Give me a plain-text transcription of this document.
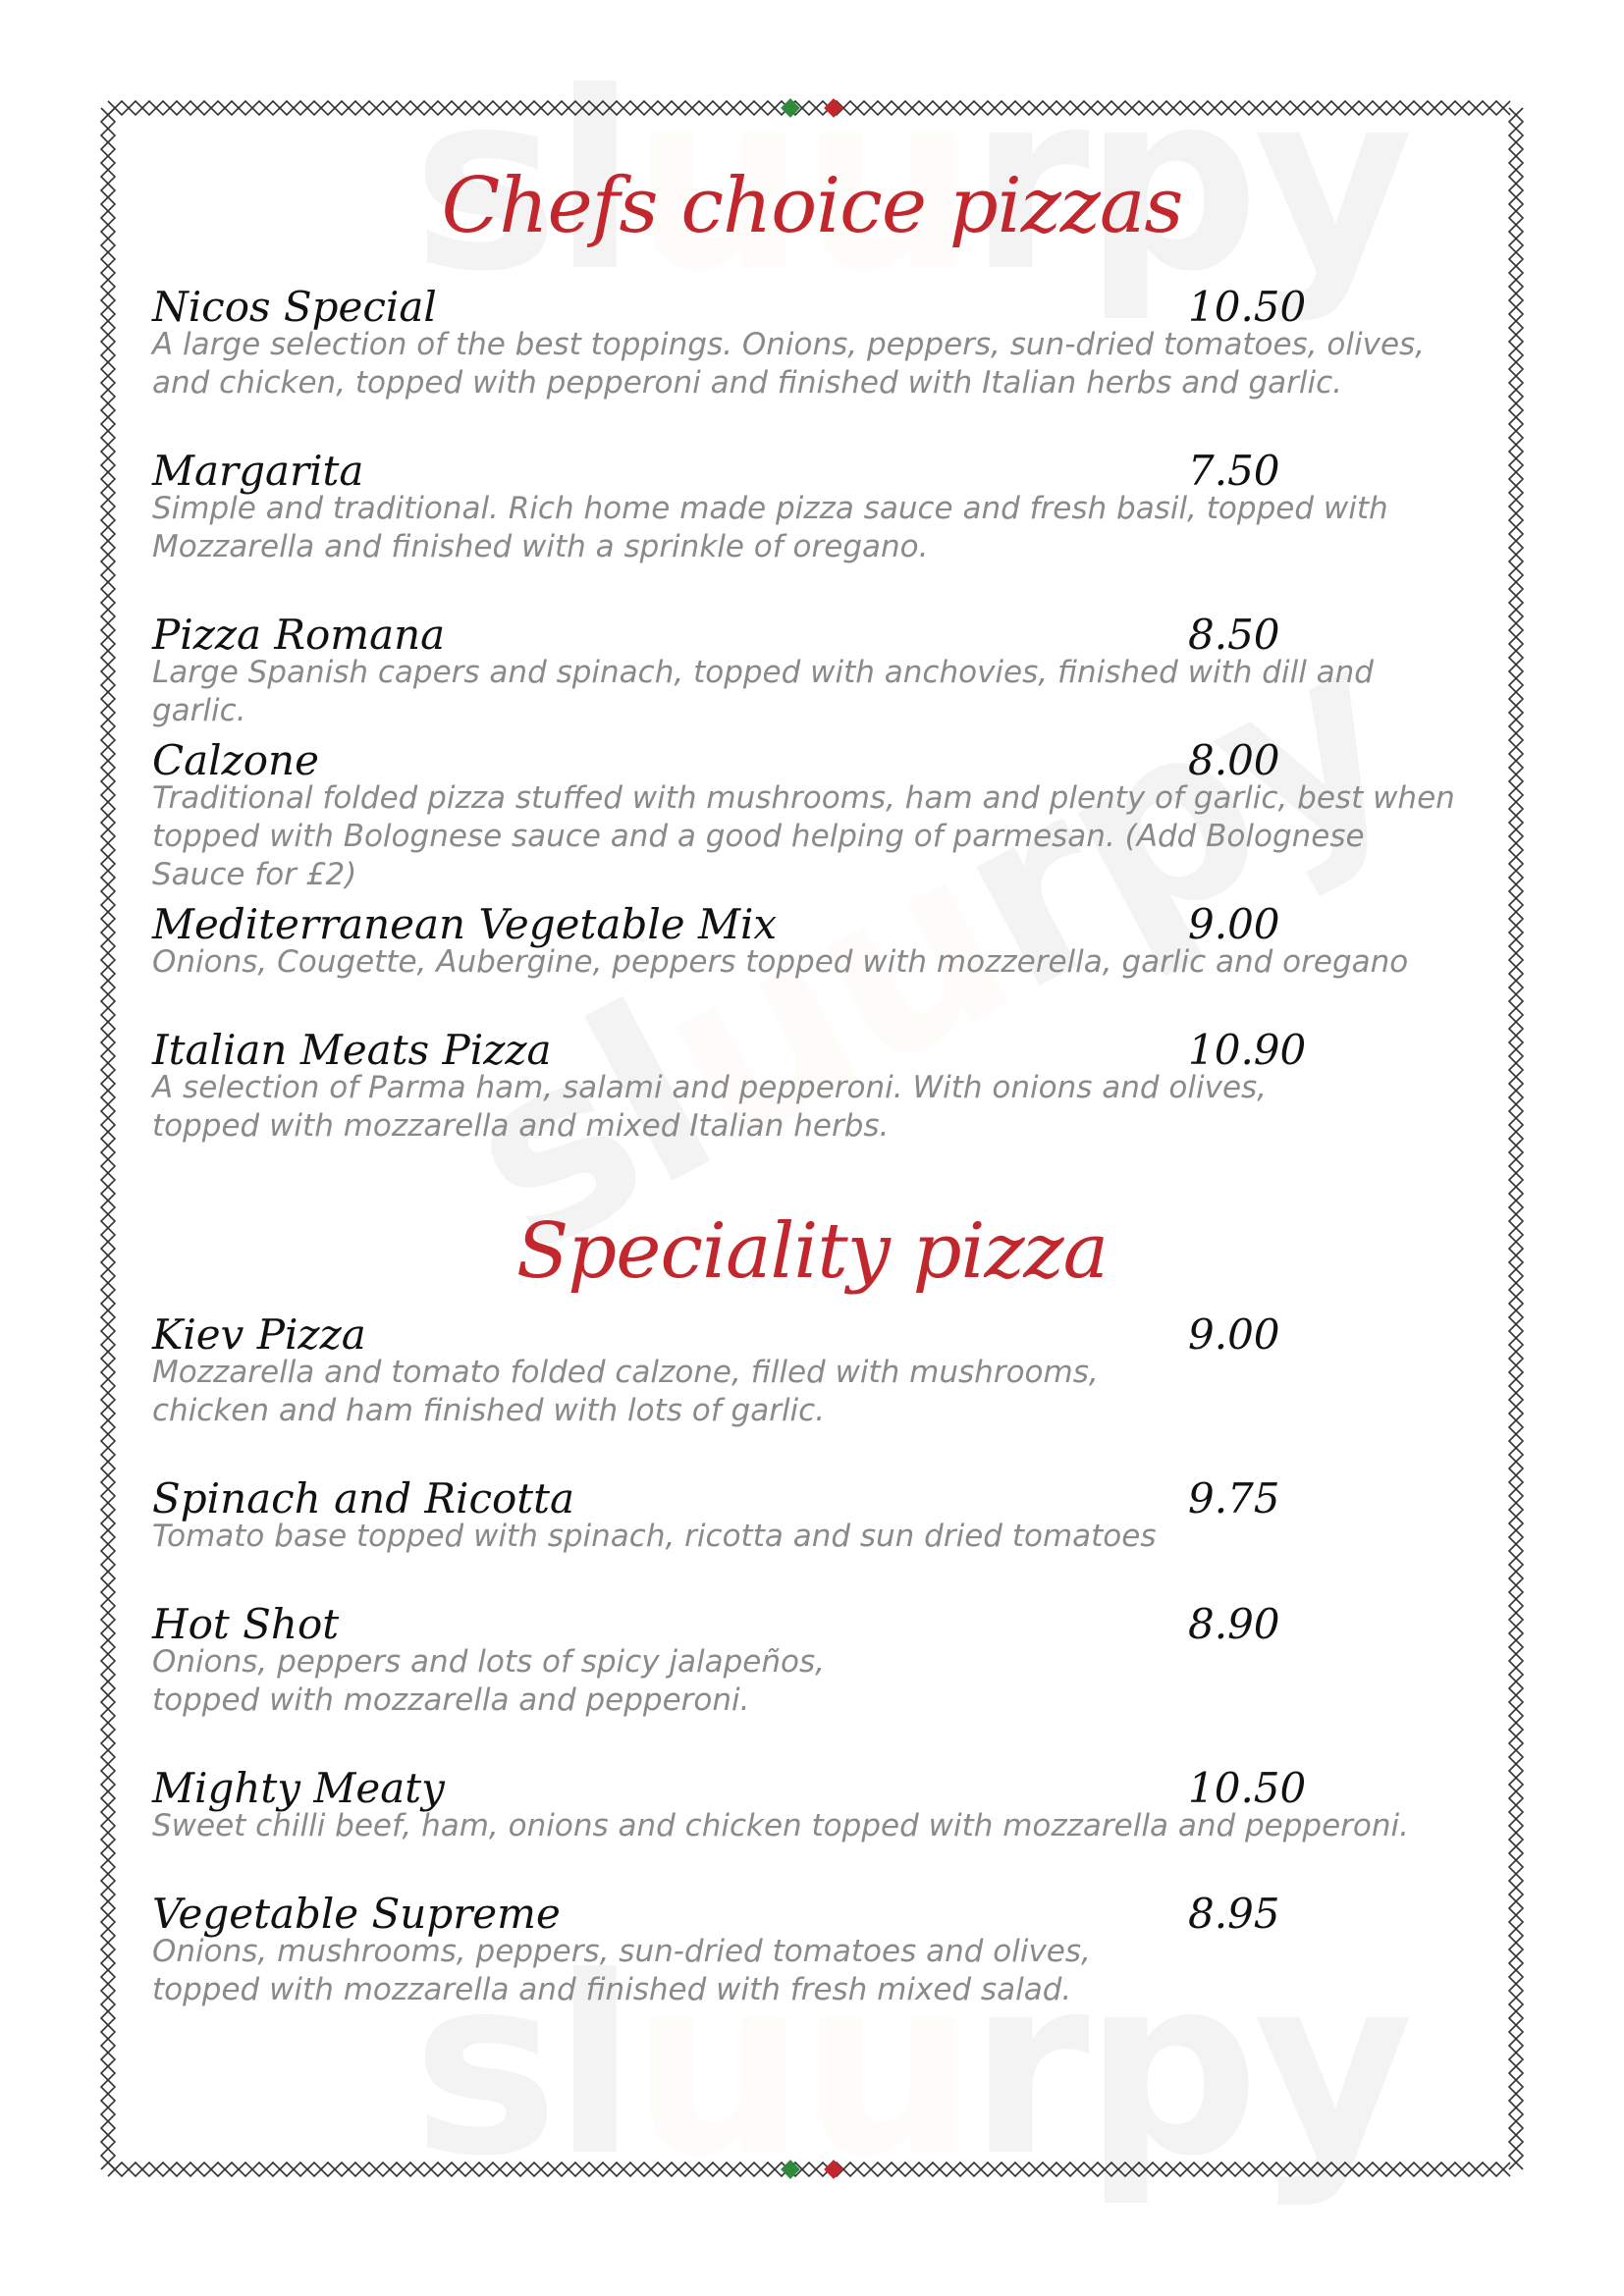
Chefs choice pizzas
Nicos Special	10.50
A large selection of the best toppings. Onions, peppers, sun-dried tomatoes, olives,
and chicken, topped with pepperoni and finished with Italian herbs and garlic.
Margarita	7.50
Simple and traditional. Rich home made pizza sauce and fresh basil, topped with
Mozzarella and finished with a sprinkle of oregano.
Pizza Romana	8.50
Large Spanish capers and spinach, topped with anchovies, finished with dill and garlic.
Calzone	8.00
Traditional folded pizza stuffed with mushrooms, ham and plenty of garlic, best when
topped with Bolognese sauce and a good helping of parmesan. (Add Bolognese Sauce for £2)
Mediterranean Vegetable Mix	9.00
Onions, Cougette, Aubergine, peppers topped with mozzerella, garlic and oregano
Italian Meats Pizza	10.90
A selection of Parma ham, salami and pepperoni. With onions and olives,
topped with mozzarella and mixed Italian herbs.
Speciality pizza
Kiev Pizza	9.00
Mozzarella and tomato folded calzone, filled with mushrooms,
chicken and ham finished with lots of garlic.
Spinach and Ricotta	9.75
Tomato base topped with spinach, ricotta and sun dried tomatoes
Hot Shot	8.90
Onions, peppers and lots of spicy jalapeños,
topped with mozzarella and pepperoni.
Mighty Meaty	10.50
Sweet chilli beef, ham, onions and chicken topped with mozzarella and pepperoni.
Vegetable Supreme	8.95
Onions, mushrooms, peppers, sun-dried tomatoes and olives,
topped with mozzarella and finished with fresh mixed salad.
